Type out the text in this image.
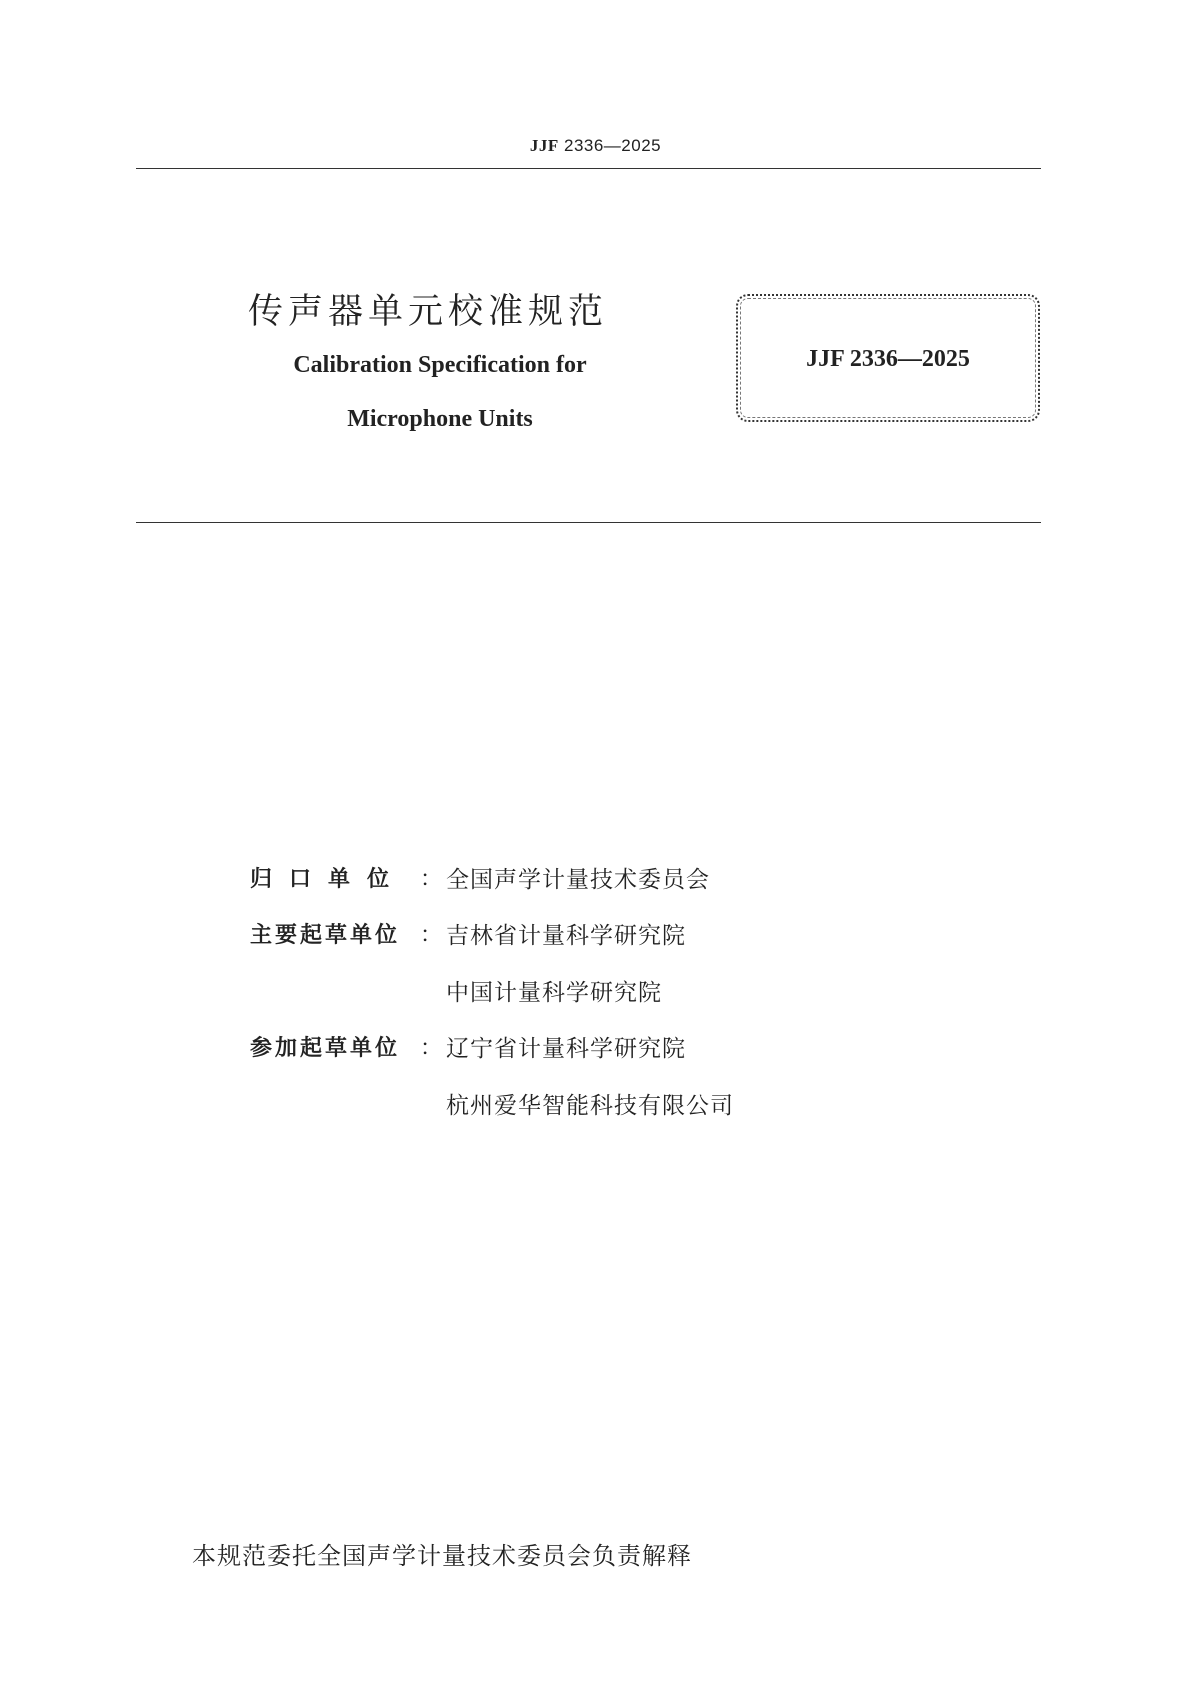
JJF 2336—2025
传声器单元校准规范
Calibration Specification for
Microphone Units
JJF 2336—2025
归口单位 ： 全国声学计量技术委员会
主要起草单位 ： 吉林省计量科学研究院
中国计量科学研究院
参加起草单位 ： 辽宁省计量科学研究院
杭州爱华智能科技有限公司
本规范委托全国声学计量技术委员会负责解释
